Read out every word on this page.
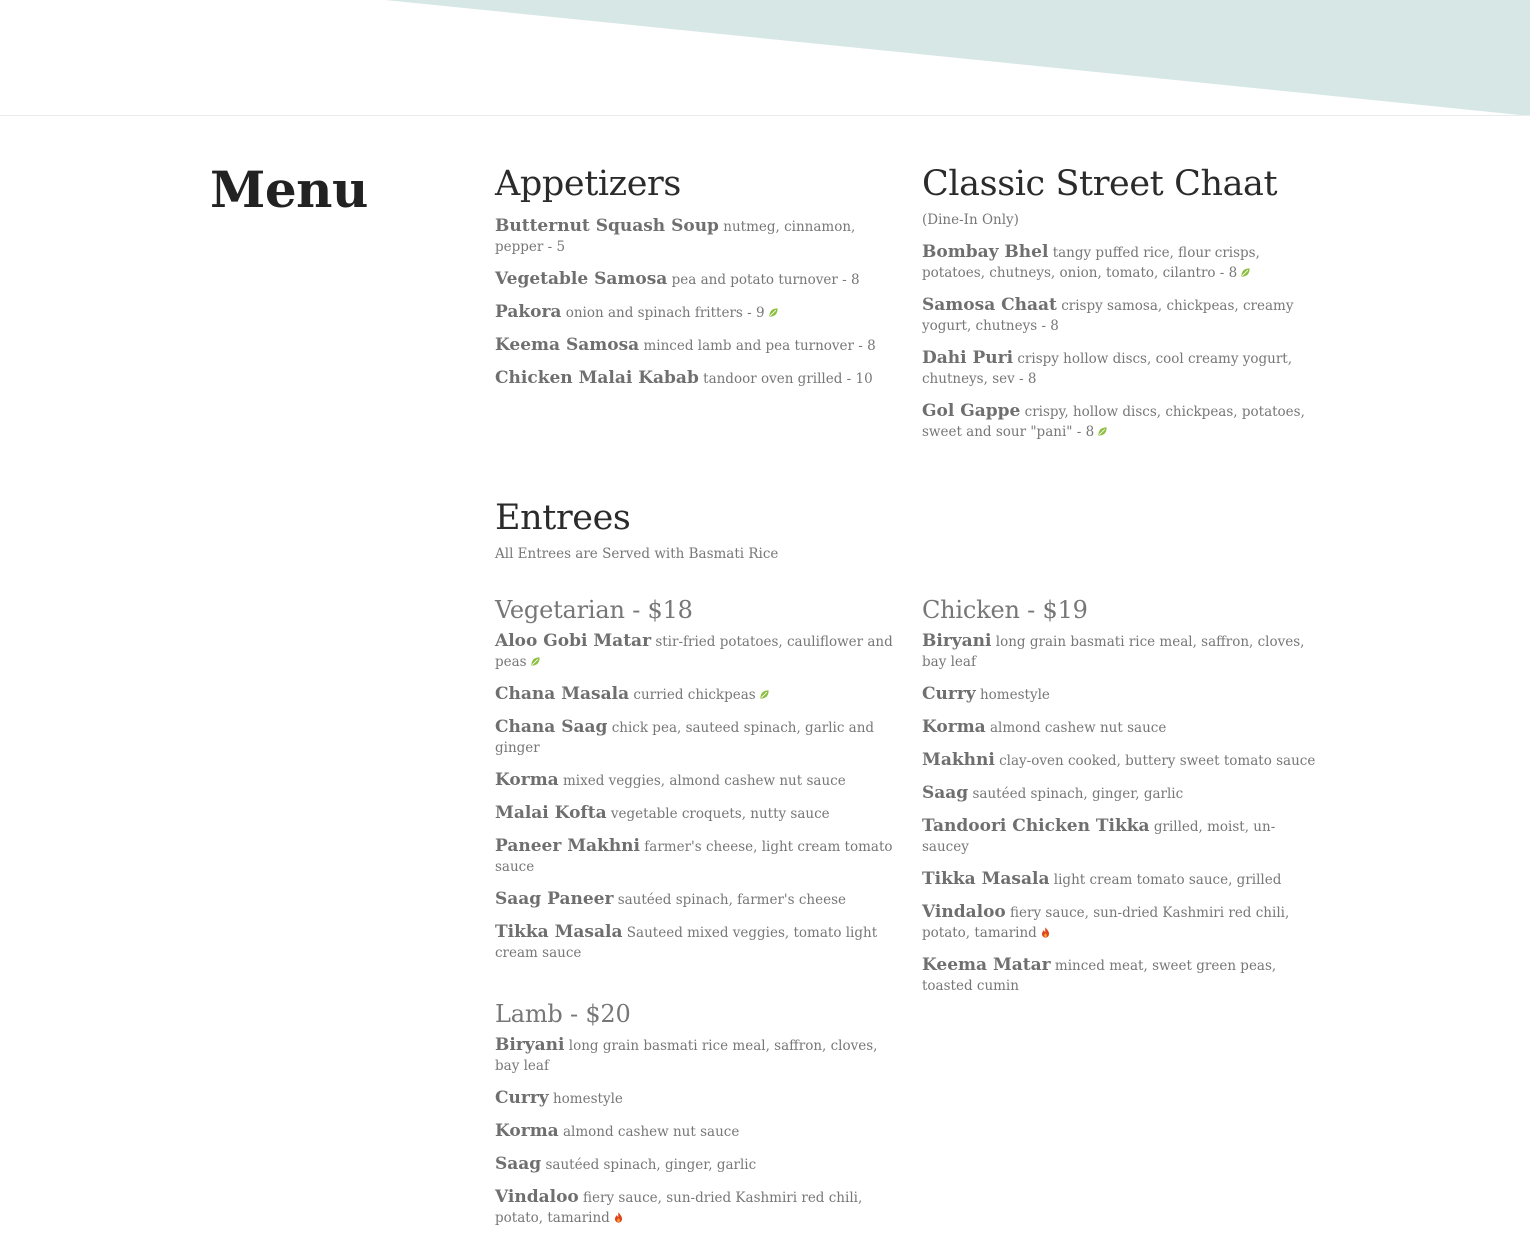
Menu	Appetizers
Butternut Squash Soup nutmeg, cinnamon, pepper - 5
Vegetable Samosa pea and potato turnover - 8
Pakora onion and spinach fritters - 9
Keema Samosa minced lamb and pea turnover - 8
Chicken Malai Kabab tandoor oven grilled - 10
Classic Street Chaat
(Dine-In Only)
Bombay Bhel tangy puffed rice, flour crisps, potatoes, chutneys, onion, tomato, cilantro - 8
Samosa Chaat crispy samosa, chickpeas, creamy yogurt, chutneys - 8
Dahi Puri crispy hollow discs, cool creamy yogurt, chutneys, sev - 8
Gol Gappe crispy, hollow discs, chickpeas, potatoes, sweet and sour "pani" - 8
Entrees
All Entrees are Served with Basmati Rice
Vegetarian - $18
Aloo Gobi Matar stir-fried potatoes, cauliflower and peas
Chana Masala curried chickpeas
Chana Saag chick pea, sauteed spinach, garlic and ginger
Korma mixed veggies, almond cashew nut sauce
Malai Kofta vegetable croquets, nutty sauce
Paneer Makhni farmer's cheese, light cream tomato sauce
Saag Paneer sautéed spinach, farmer's cheese
Tikka Masala Sauteed mixed veggies, tomato light cream sauce
Chicken - $19
Biryani long grain basmati rice meal, saffron, cloves, bay leaf
Curry homestyle
Korma almond cashew nut sauce
Makhni clay-oven cooked, buttery sweet tomato sauce
Saag sautéed spinach, ginger, garlic
Tandoori Chicken Tikka grilled, moist, un-saucey
Tikka Masala light cream tomato sauce, grilled
Vindaloo fiery sauce, sun-dried Kashmiri red chili, potato, tamarind
Keema Matar minced meat, sweet green peas, toasted cumin
Lamb - $20
Biryani long grain basmati rice meal, saffron, cloves, bay leaf
Curry homestyle
Korma almond cashew nut sauce
Saag sautéed spinach, ginger, garlic
Vindaloo fiery sauce, sun-dried Kashmiri red chili, potato, tamarind
